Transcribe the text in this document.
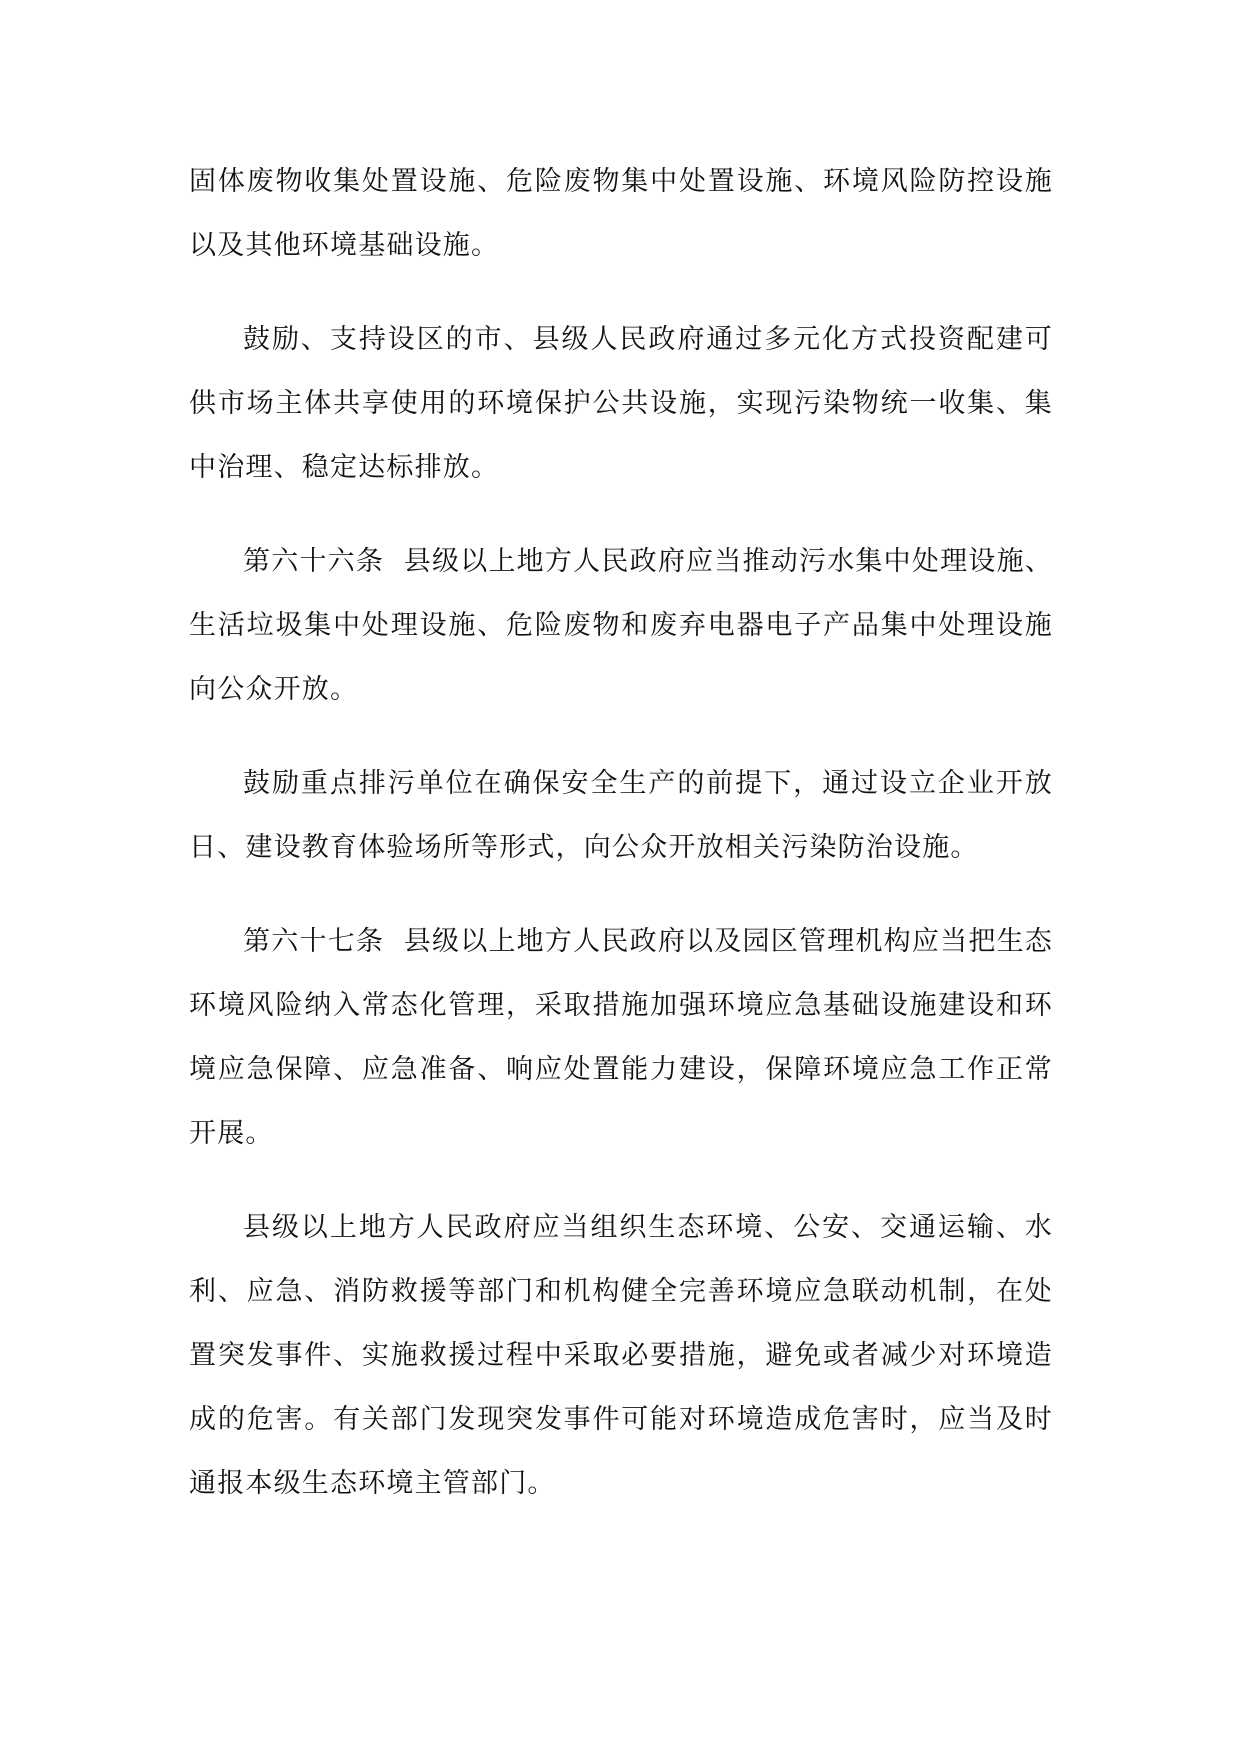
固体废物收集处置设施、危险废物集中处置设施、环境风险防控设施以及其他环境基础设施。

鼓励、支持设区的市、县级人民政府通过多元化方式投资配建可供市场主体共享使用的环境保护公共设施，实现污染物统一收集、集中治理、稳定达标排放。

第六十六条  县级以上地方人民政府应当推动污水集中处理设施、生活垃圾集中处理设施、危险废物和废弃电器电子产品集中处理设施向公众开放。

鼓励重点排污单位在确保安全生产的前提下，通过设立企业开放日、建设教育体验场所等形式，向公众开放相关污染防治设施。

第六十七条  县级以上地方人民政府以及园区管理机构应当把生态环境风险纳入常态化管理，采取措施加强环境应急基础设施建设和环境应急保障、应急准备、响应处置能力建设，保障环境应急工作正常开展。

县级以上地方人民政府应当组织生态环境、公安、交通运输、水利、应急、消防救援等部门和机构健全完善环境应急联动机制，在处置突发事件、实施救援过程中采取必要措施，避免或者减少对环境造成的危害。有关部门发现突发事件可能对环境造成危害时，应当及时通报本级生态环境主管部门。
